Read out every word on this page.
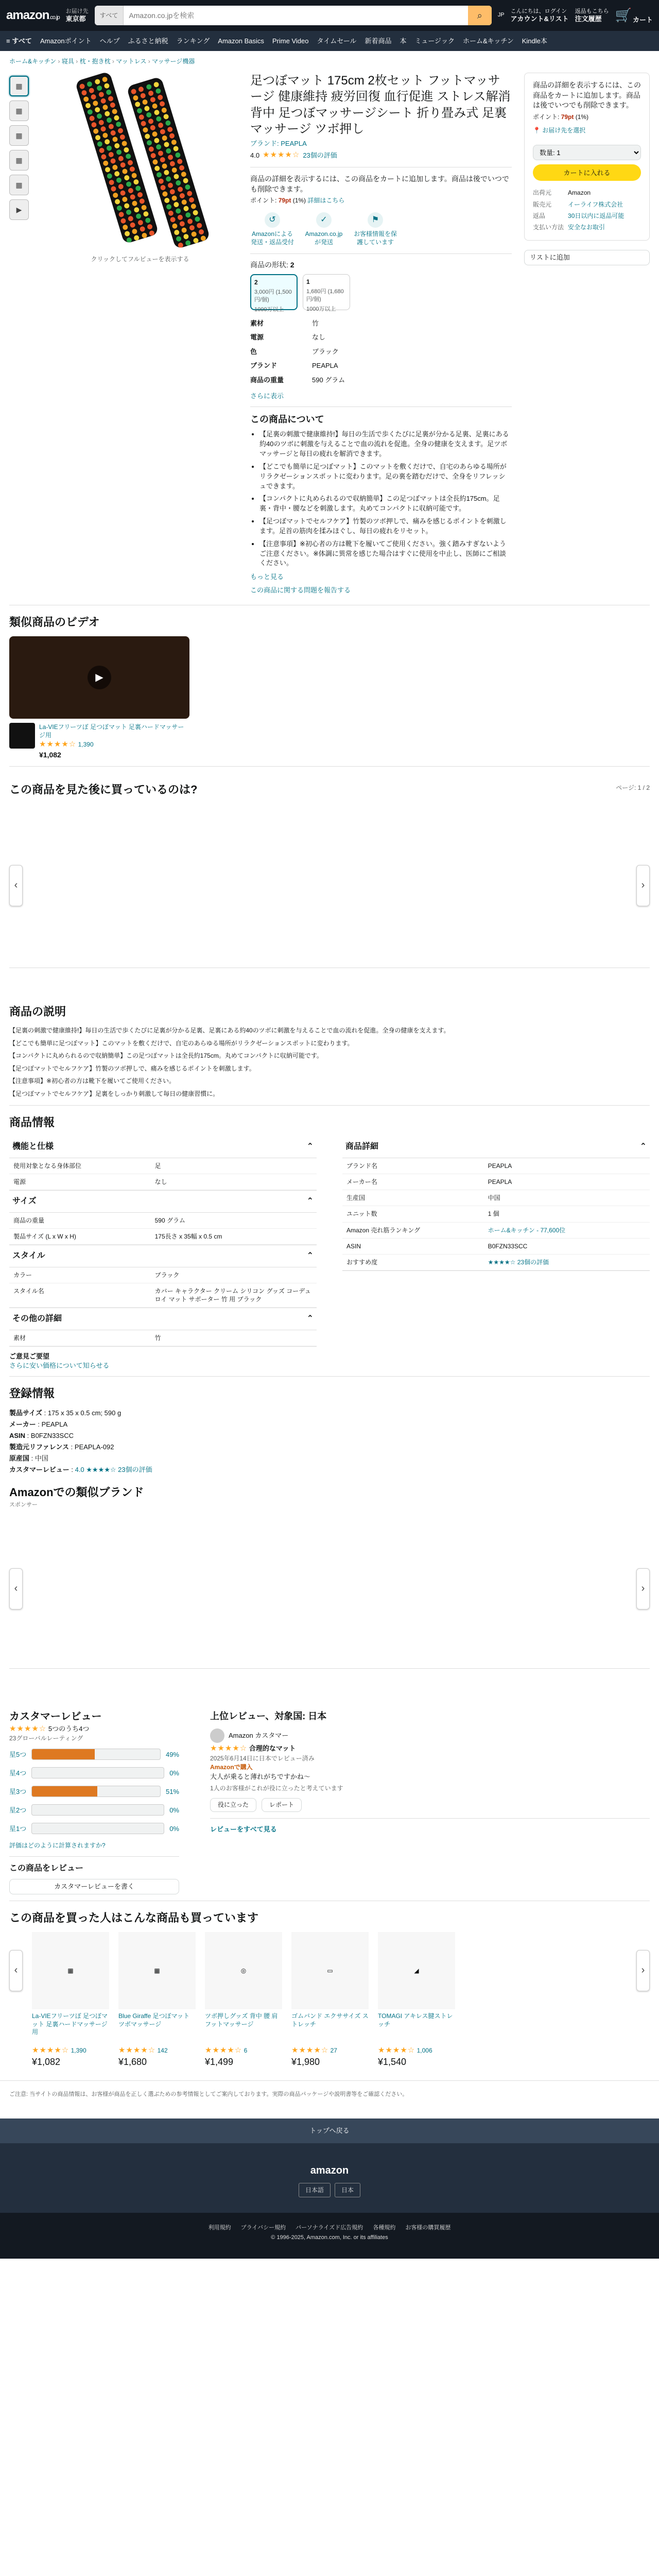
amazon.co.jp
お届け先
東京都	すべて
Amazon.co.jpを検索	⌕	JP
こんにちは、ログイン
アカウント&リスト
返品もこちら
注文履歴 🛒 カート
≡ すべて Amazonポイント ヘルプ ふるさと納税 ランキング Amazon Basics Prime Video タイムセール 新着商品 本 ミュージック ホーム&キッチン Kindle本
ホーム&キッチン › 寝具 › 枕・抱き枕 › マットレス › マッサージ機器
▦
▦
▦
▦
▦
▶
クリックしてフルビューを表示する
足つぼマット 175cm 2枚セット フットマッサージ 健康維持 疲労回復 血行促進 ストレス解消 背中 足つぼマッサージシート 折り畳み式 足裏マッサージ ツボ押し
ブランド: PEAPLA
4.0 ★★★★☆ 23個の評価
商品の詳細を表示するには、この商品をカートに追加します。商品は後でいつでも削除できます。
ポイント: 79pt (1%) 詳細はこちら
↺
Amazonによる発送・返品受付
✓
Amazon.co.jp が発送
⚑
お客様情報を保護しています
商品の形状: 2
2
3,000円 (1,500円/個)
1000万以上
1
1,680円 (1,680円/個)
1000万以上
素材	竹
電源	なし
色	ブラック
ブランド	PEAPLA
商品の重量	590 グラム
さらに表示
この商品について
• 【足裏の刺激で健康維持!】毎日の生活で歩くたびに足裏が分かる足裏、足裏にある約40のツボに刺激を与えることで血の流れを促進。全身の健康を支えます。足ツボマッサージと毎日の疲れを解消できます。
• 【どこでも簡単に足つぼマット】このマットを敷くだけで、自宅のあらゆる場所がリラクゼーションスポットに変わります。足の裏を踏むだけで、全身をリフレッシュできます。
• 【コンパクトに丸められるので収納簡単】この足つぼマットは全長約175cm。足裏・背中・腰などを刺激します。丸めてコンパクトに収納可能です。
• 【足つぼマットでセルフケア】竹製のツボ押しで、痛みを感じるポイントを刺激します。足首の筋肉を揉みほぐし、毎日の疲れをリセット。
• 【注意事項】※初心者の方は靴下を履いてご使用ください。強く踏みすぎないようご注意ください。※体調に異常を感じた場合はすぐに使用を中止し、医師にご相談ください。
もっと見る
この商品に関する問題を報告する
商品の詳細を表示するには、この商品をカートに追加します。商品は後でいつでも削除できます。
ポイント: 79pt (1%)
📍 お届け先を選択
数量: 1
カートに入れる
出荷元	Amazon
販売元	イーライフ株式会社
返品	30日以内に返品可能
支払い方法	安全なお取引
リストに追加
類似商品のビデオ
▶
La-VIEフリーツぼ 足つぼマット 足裏ハードマッサージ用
★★★★☆ 1,390
¥1,082
この商品を見た後に買っているのは?	ページ: 1 / 2
‹	›
商品の説明

【足裏の刺激で健康維持!】毎日の生活で歩くたびに足裏が分かる足裏、足裏にある約40のツボに刺激を与えることで血の流れを促進。全身の健康を支えます。

【どこでも簡単に足つぼマット】このマットを敷くだけで、自宅のあらゆる場所がリラクゼーションスポットに変わります。

【コンパクトに丸められるので収納簡単】この足つぼマットは全長約175cm。丸めてコンパクトに収納可能です。

【足つぼマットでセルフケア】竹製のツボ押しで、痛みを感じるポイントを刺激します。

【注意事項】※初心者の方は靴下を履いてご使用ください。

【足つぼマットでセルフケア】足裏をしっかり刺激して毎日の健康習慣に。

商品情報
機能と仕様	⌃
使用対象となる身体部位	足
電源	なし
サイズ	⌃
商品の重量	590 グラム
製品サイズ (L x W x H)	175長さ x 35幅 x 0.5 cm
スタイル	⌃
カラー	ブラック
スタイル名	カバー キャラクター クリーム シリコン グッズ コーデュロイ マット サポーター 竹 用 ブラック
その他の詳細	⌃
素材	竹
ご意見ご要望
さらに安い価格について知らせる
商品詳細	⌃
ブランド名	PEAPLA
メーカー名	PEAPLA
生産国	中国
ユニット数	1 個
Amazon 売れ筋ランキング	ホーム&キッチン - 77,600位
ASIN	B0FZN33SCC
おすすめ度	★★★★☆ 23個の評価
登録情報
製品サイズ : 175 x 35 x 0.5 cm; 590 g
メーカー : PEAPLA
ASIN : B0FZN33SCC
製造元リファレンス : PEAPLA-092
原産国 : 中国
カスタマーレビュー : 4.0 ★★★★☆ 23個の評価
Amazonでの類似ブランド
スポンサー
‹	›
カスタマーレビュー
★★★★☆ 5つのうち4つ
23グローバルレーティング
星5つ	49%
星4つ	0%
星3つ	51%
星2つ	0%
星1つ	0%
評価はどのように計算されますか?
この商品をレビュー
カスタマーレビューを書く
上位レビュー、対象国: 日本
Amazon カスタマー
★★★★☆ 合理的なマット
2025年6月14日に日本でレビュー済み
Amazonで購入
大人が乗ると薄れがちですかね〜
1人のお客様がこれが役に立ったと考えています
役に立った	レポート
レビューをすべて見る
この商品を買った人はこんな商品も買っています
‹	▦
La-VIEフリーツぼ 足つぼマット 足裏ハードマッサージ用
★★★★☆ 1,390
¥1,082
▦
Blue Giraffe 足つぼマット ツボマッサージ
★★★★☆ 142
¥1,680
◎
ツボ押しグッズ 背中 腰 肩 フットマッサージ
★★★★☆ 6
¥1,499
▭
ゴムバンド エクササイズ ストレッチ
★★★★☆ 27
¥1,980
◢
TOMAGI アキレス腱ストレッチ
★★★★☆ 1,006
¥1,540
›
ご注意: 当サイトの商品情報は、お客様が商品を正しく選ぶための参考情報としてご案内しております。実際の商品パッケージや説明書等をご確認ください。
トップへ戻る
amazon
日本語	日本
利用規約 プライバシー規約 パーソナライズド広告規約 各種規約 お客様の購買履歴
© 1996-2025, Amazon.com, Inc. or its affiliates
